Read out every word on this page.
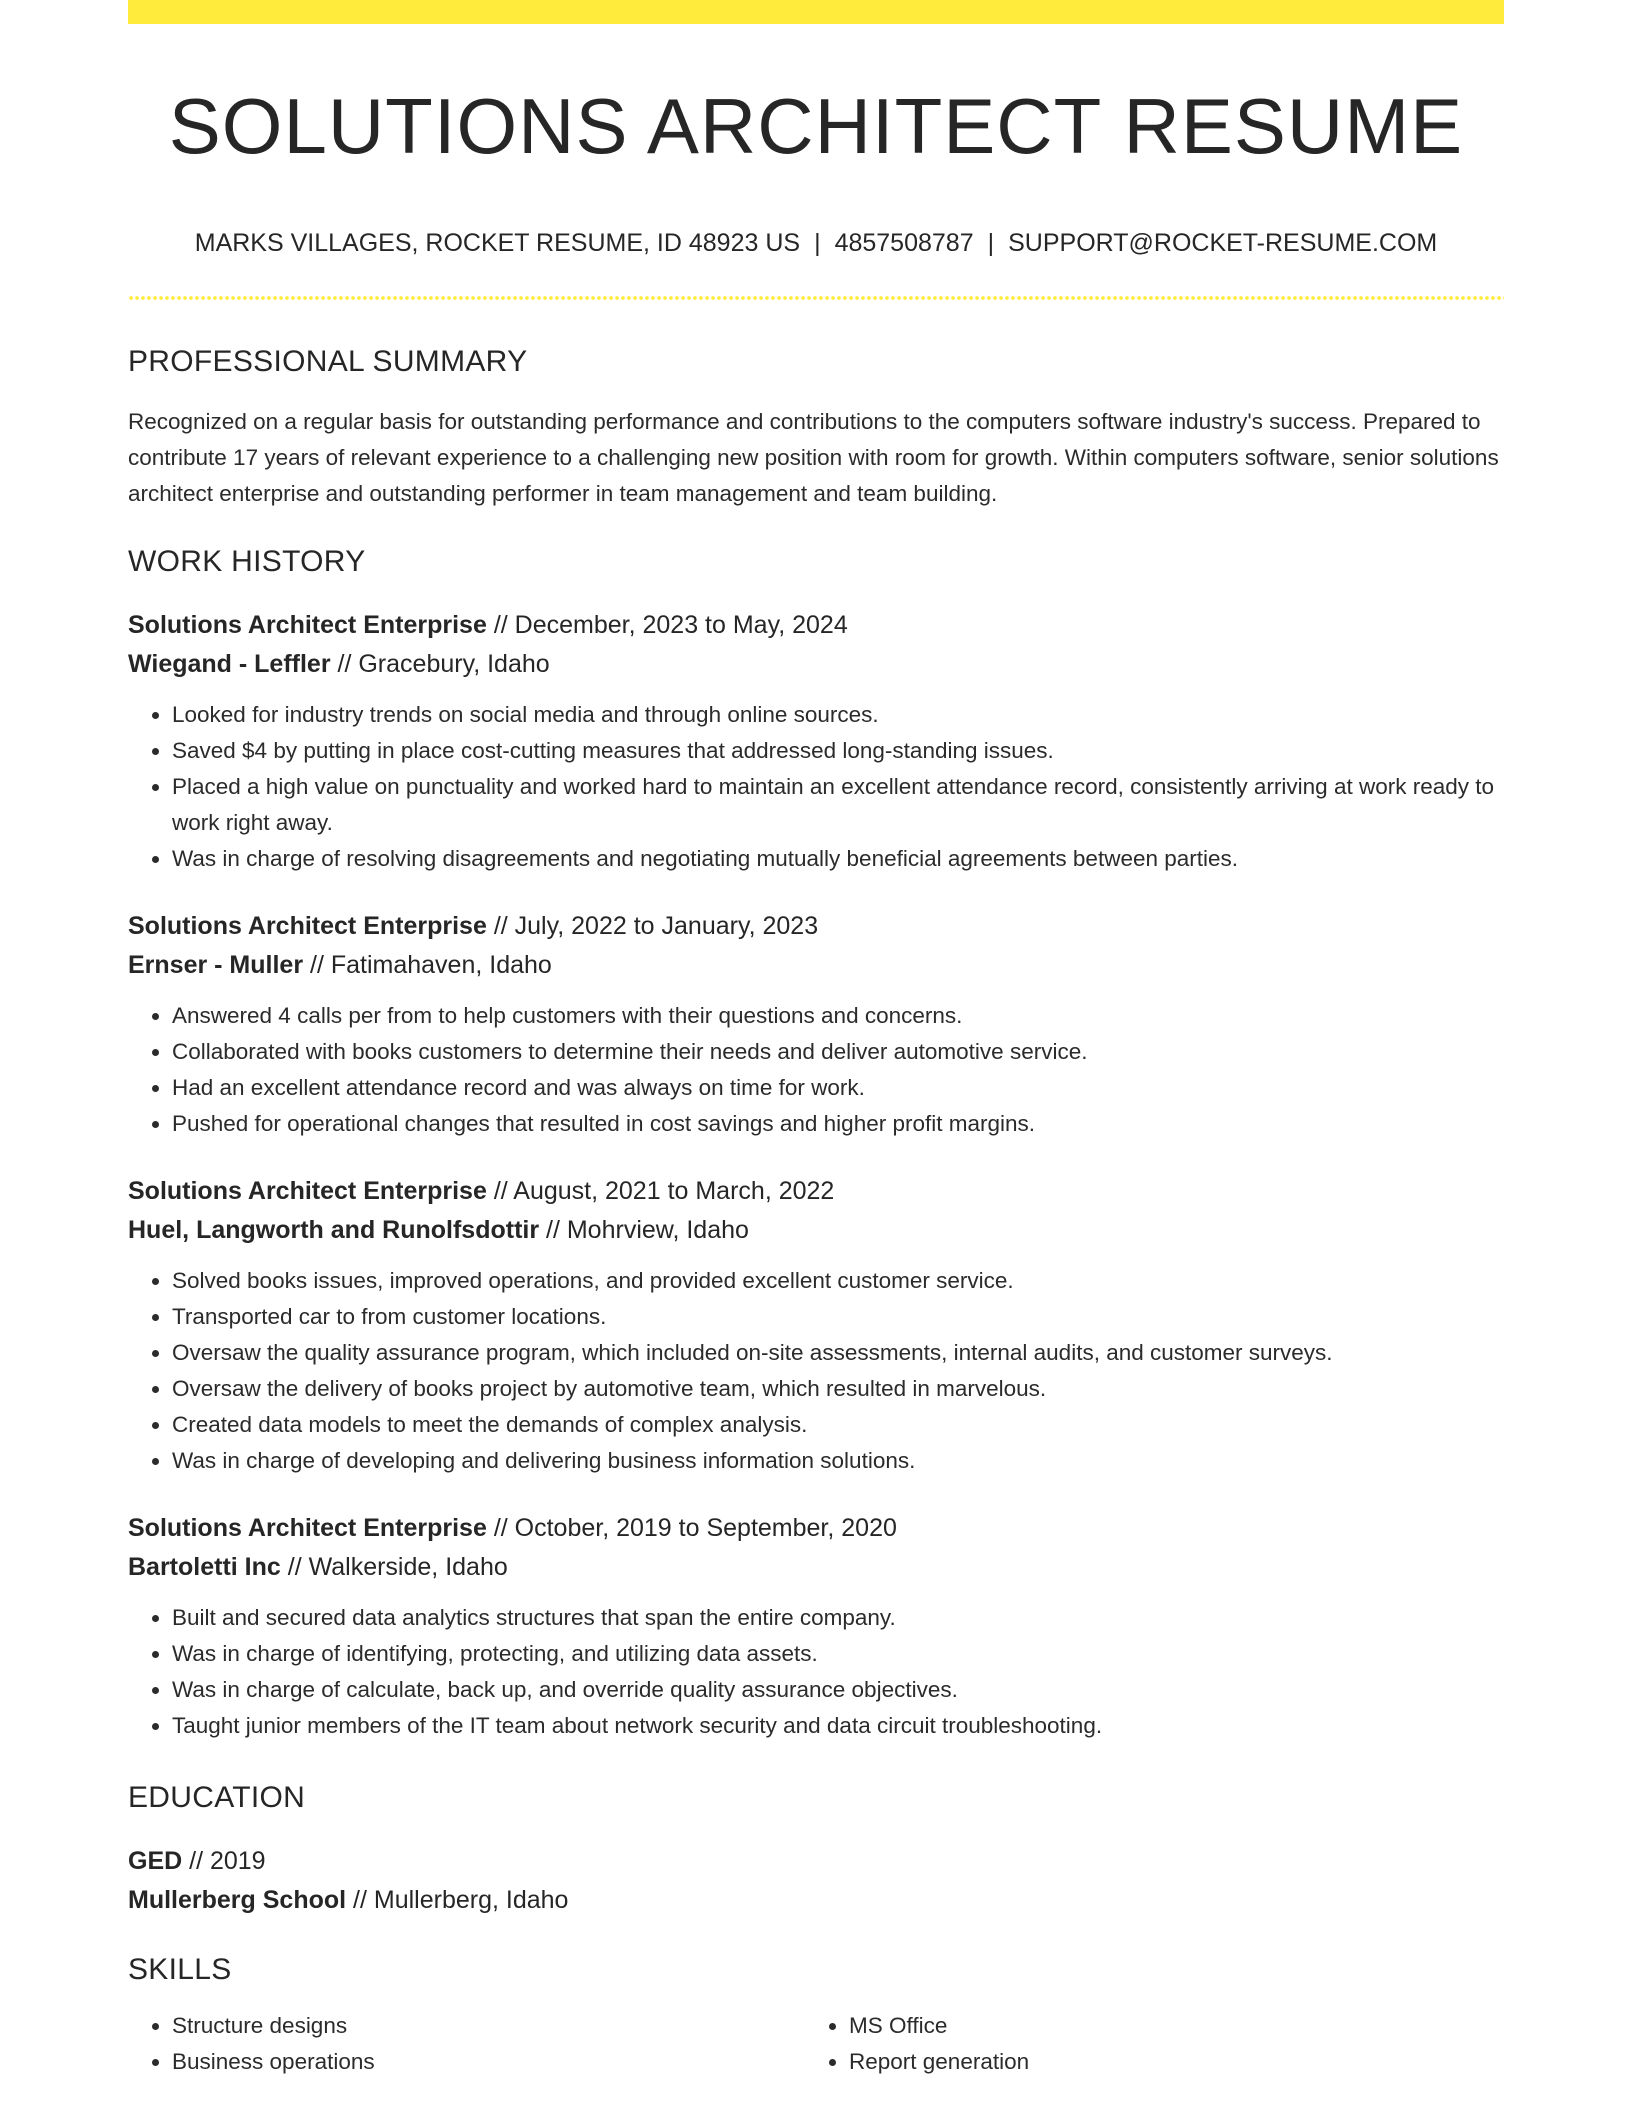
SOLUTIONS ARCHITECT RESUME
MARKS VILLAGES, ROCKET RESUME, ID 48923 US | 4857508787 | SUPPORT@ROCKET-RESUME.COM
PROFESSIONAL SUMMARY

Recognized on a regular basis for outstanding performance and contributions to the computers software industry's success. Prepared to contribute 17 years of relevant experience to a challenging new position with room for growth. Within computers software, senior solutions architect enterprise and outstanding performer in team management and team building.

WORK HISTORY
Solutions Architect Enterprise // December, 2023 to May, 2024
Wiegand - Leffler // Gracebury, Idaho
• Looked for industry trends on social media and through online sources.
• Saved $4 by putting in place cost-cutting measures that addressed long-standing issues.
• Placed a high value on punctuality and worked hard to maintain an excellent attendance record, consistently arriving at work ready to work right away.
• Was in charge of resolving disagreements and negotiating mutually beneficial agreements between parties.
Solutions Architect Enterprise // July, 2022 to January, 2023
Ernser - Muller // Fatimahaven, Idaho
• Answered 4 calls per from to help customers with their questions and concerns.
• Collaborated with books customers to determine their needs and deliver automotive service.
• Had an excellent attendance record and was always on time for work.
• Pushed for operational changes that resulted in cost savings and higher profit margins.
Solutions Architect Enterprise // August, 2021 to March, 2022
Huel, Langworth and Runolfsdottir // Mohrview, Idaho
• Solved books issues, improved operations, and provided excellent customer service.
• Transported car to from customer locations.
• Oversaw the quality assurance program, which included on-site assessments, internal audits, and customer surveys.
• Oversaw the delivery of books project by automotive team, which resulted in marvelous.
• Created data models to meet the demands of complex analysis.
• Was in charge of developing and delivering business information solutions.
Solutions Architect Enterprise // October, 2019 to September, 2020
Bartoletti Inc // Walkerside, Idaho
• Built and secured data analytics structures that span the entire company.
• Was in charge of identifying, protecting, and utilizing data assets.
• Was in charge of calculate, back up, and override quality assurance objectives.
• Taught junior members of the IT team about network security and data circuit troubleshooting.
EDUCATION
GED // 2019
Mullerberg School // Mullerberg, Idaho
SKILLS
• Structure designs
• Business operations
• MS Office
• Report generation
